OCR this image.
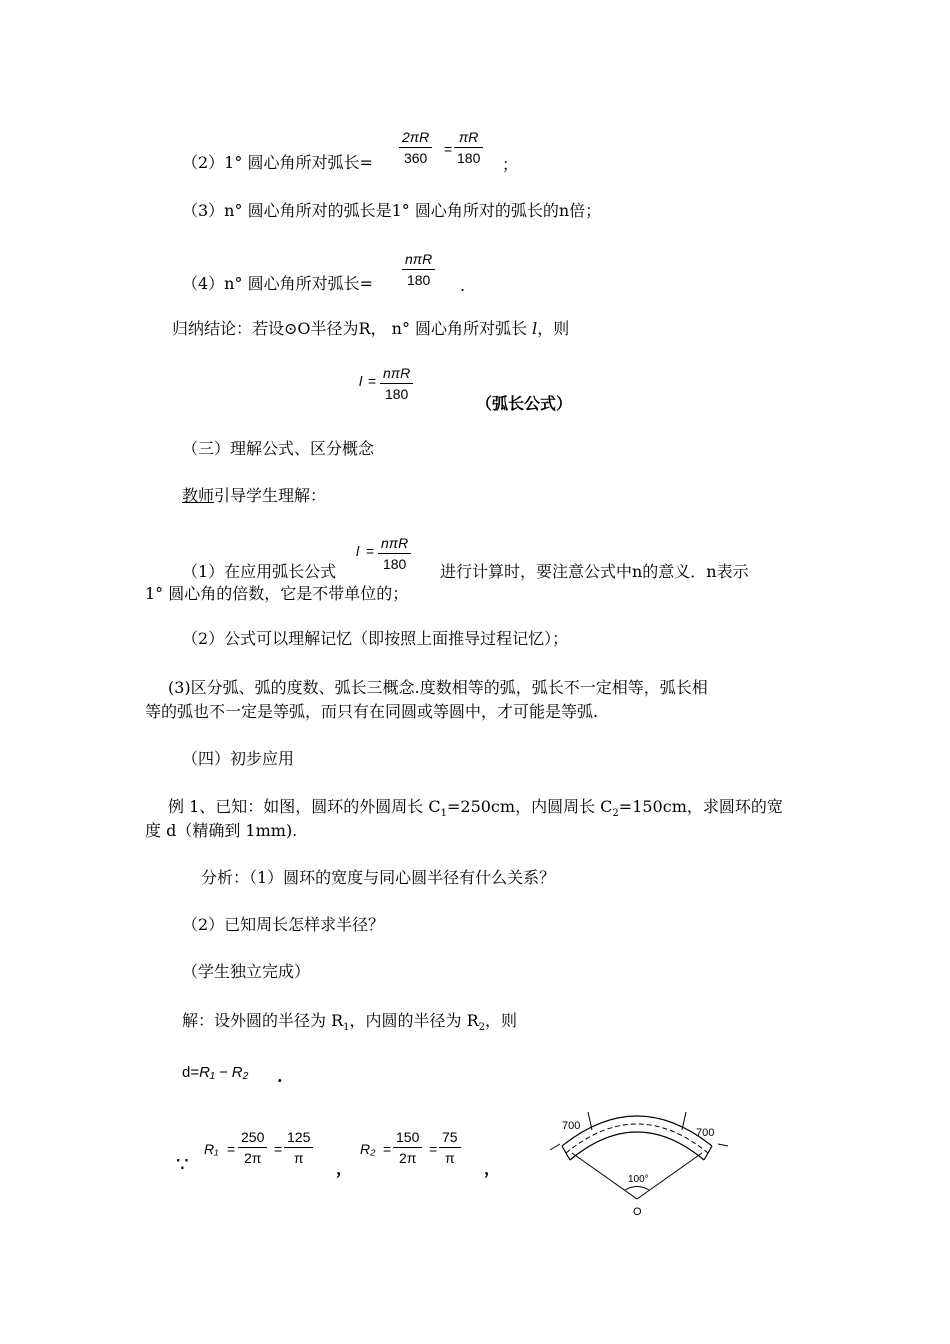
（2）1° 圆心角所对弧长= $\frac{2\pi R}{360} = \frac{\pi R}{180}$ ；
（3）n° 圆心角所对的弧长是1° 圆心角所对的弧长的n倍；
（4）n° 圆心角所对弧长=
nπR
180	.
归纳结论：若设⊙O半径为R， n° 圆心角所对弧长 l，则
l = nπR
180	（弧长公式）
（三）理解公式、区分概念
教师引导学生理解：
（1）在应用弧长公式
l = nπR
180	进行计算时，要注意公式中n的意义．n表示
1° 圆心角的倍数，它是不带单位的；
（2）公式可以理解记忆（即按照上面推导过程记忆）；
(3)区分弧、弧的度数、弧长三概念.度数相等的弧，弧长不一定相等，弧长相
等的弧也不一定是等弧，而只有在同圆或等圆中，才可能是等弧.
（四）初步应用
例 1、已知：如图，圆环的外圆周长 $C_1=250cm$，内圆周长 $C_2=150cm$，求圆环的宽
度 d（精确到 1mm).
分析：（1）圆环的宽度与同心圆半径有什么关系？
（2）已知周长怎样求半径？
（学生独立完成）
解：设外圆的半径为 $R_1$，内圆的半径为 $R_2$，则
d=R₁ − R₂ .
∵
$R_1 = \frac{250}{2\pi} = \frac{125}{\pi}$
，
$R_2 = \frac{150}{2\pi} = \frac{75}{\pi}$
，
700
700
100°
O
